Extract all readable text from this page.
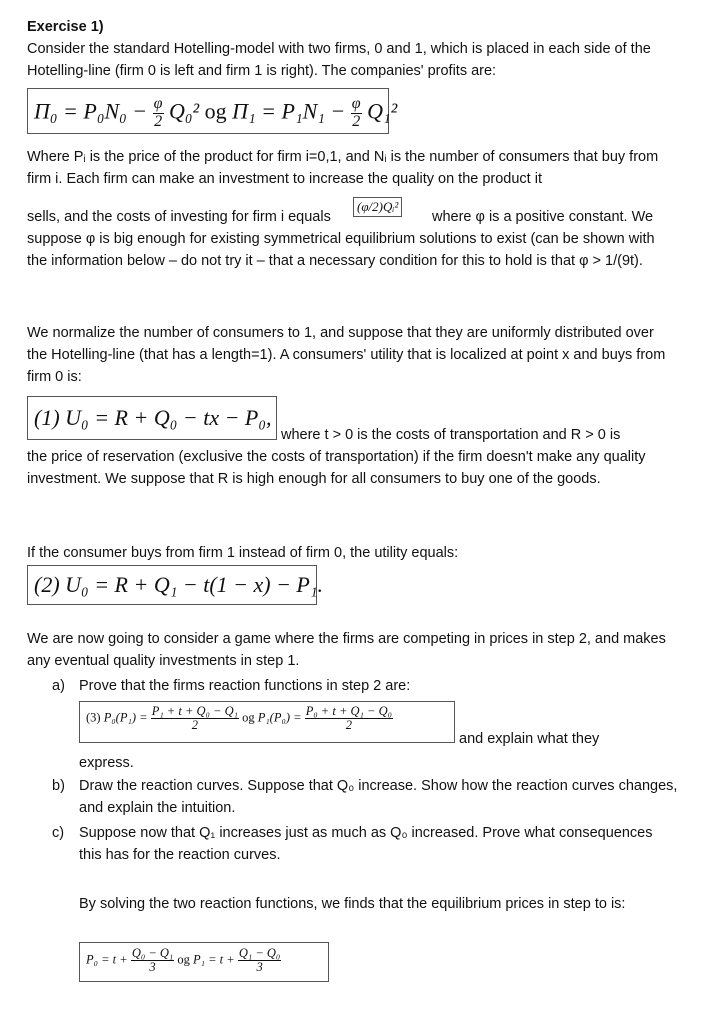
Exercise 1)

Consider the standard Hotelling-model with two firms, 0 and 1, which is placed in each side of the Hotelling-line (firm 0 is left and firm 1 is right). The companies' profits are:

$\Pi_0 = P_0N_0 - \frac{\varphi}{2} Q_0^2$ og $\Pi_1 = P_1N_1 - \frac{\varphi}{2} Q_1^2$

Where Pᵢ is the price of the product for firm i=0,1, and Nᵢ is the number of consumers that buy from firm i. Each firm can make an investment to increase the quality on the product it

sells, and the costs of investing for firm i equals
(φ/2)Qᵢ²
where φ is a positive constant. We

suppose φ is big enough for existing symmetrical equilibrium solutions to exist (can be shown with the information below – do not try it – that a necessary condition for this to hold is that φ > 1/(9t).

We normalize the number of consumers to 1, and suppose that they are uniformly distributed over the Hotelling-line (that has a length=1). A consumers' utility that is localized at point x and buys from firm 0 is:

(1) U₀ = R + Q₀ − tx − P₀,
where t > 0 is the costs of transportation and R > 0 is

the price of reservation (exclusive the costs of transportation) if the firm doesn't make any quality investment. We suppose that R is high enough for all consumers to buy one of the goods.

If the consumer buys from firm 1 instead of firm 0, the utility equals:

(2) U₀ = R + Q₁ − t(1 − x) − P₁.

We are now going to consider a game where the firms are competing in prices in step 2, and makes any eventual quality investments in step 1.

a) Prove that the firms reaction functions in step 2 are:

(3) $P_0(P_1) = \frac{\text{P₁ + t + Q₀ − Q₁}}{2}$ og $P_1(P_0) = \frac{\text{P₀ + t + Q₁ − Q₀}}{2}$
and explain what they

express.

b) Draw the reaction curves. Suppose that Q₀ increase. Show how the reaction curves changes, and explain the intuition.

c) Suppose now that Q₁ increases just as much as Q₀ increased. Prove what consequences this has for the reaction curves.

By solving the two reaction functions, we finds that the equilibrium prices in step to is:

$P_0 = t + \frac{\text{Q₀ − Q₁}}{3}$ og $P_1 = t + \frac{\text{Q₁ − Q₀}}{3}$
